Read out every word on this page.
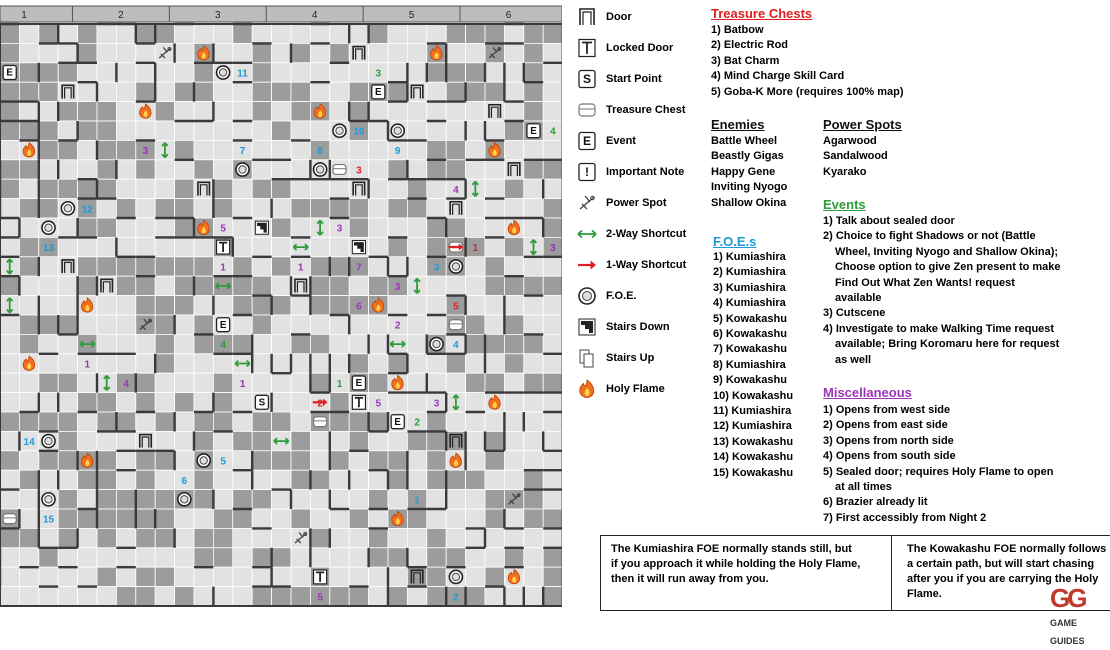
1	2	3	4	5	6
E
E
E
E
E
S
E
11	3
4
10
3	7	8	9
3
4
12
5	3
13	1	3
1	1	7	3
3
6	5
2
4	4
1
4	1	1
2	5	3
2
14
5
6
1
15
5	2
Door
Locked Door
S Start Point
Treasure Chest
E Event
! Important Note
Power Spot
2-Way Shortcut
1-Way Shortcut
F.O.E.
Stairs Down
Stairs Up
Holy Flame
Treasure Chests
1) Batbow
2) Electric Rod
3) Bat Charm
4) Mind Charge Skill Card
5) Goba-K More (requires 100% map)
Enemies
Battle Wheel
Beastly Gigas
Happy Gene
Inviting Nyogo
Shallow Okina
Power Spots
Agarwood
Sandalwood
Kyarako
F.O.E.s
1) Kumiashira
2) Kumiashira
3) Kumiashira
4) Kumiashira
5) Kowakashu
6) Kowakashu
7) Kowakashu
8) Kumiashira
9) Kowakashu
10) Kowakashu
11) Kumiashira
12) Kumiashira
13) Kowakashu
14) Kowakashu
15) Kowakashu
Events
1) Talk about sealed door
2) Choice to fight Shadows or not (Battle
Wheel, Inviting Nyogo and Shallow Okina);
Choose option to give Zen present to make
Find Out What Zen Wants! request
available
3) Cutscene
4) Investigate to make Walking Time request
available; Bring Koromaru here for request
as well
Miscellaneous
1) Opens from west side
2) Opens from east side
3) Opens from north side
4) Opens from south side
5) Sealed door; requires Holy Flame to open
at all times
6) Brazier already lit
7) First accessibly from Night 2
The Kumiashira FOE normally stands still, but
if you approach it while holding the Holy Flame,
then it will run away from you.
The Kowakashu FOE normally follows
a certain path, but will start chasing
after you if you are carrying the Holy
Flame.	GG GAME GUIDES
